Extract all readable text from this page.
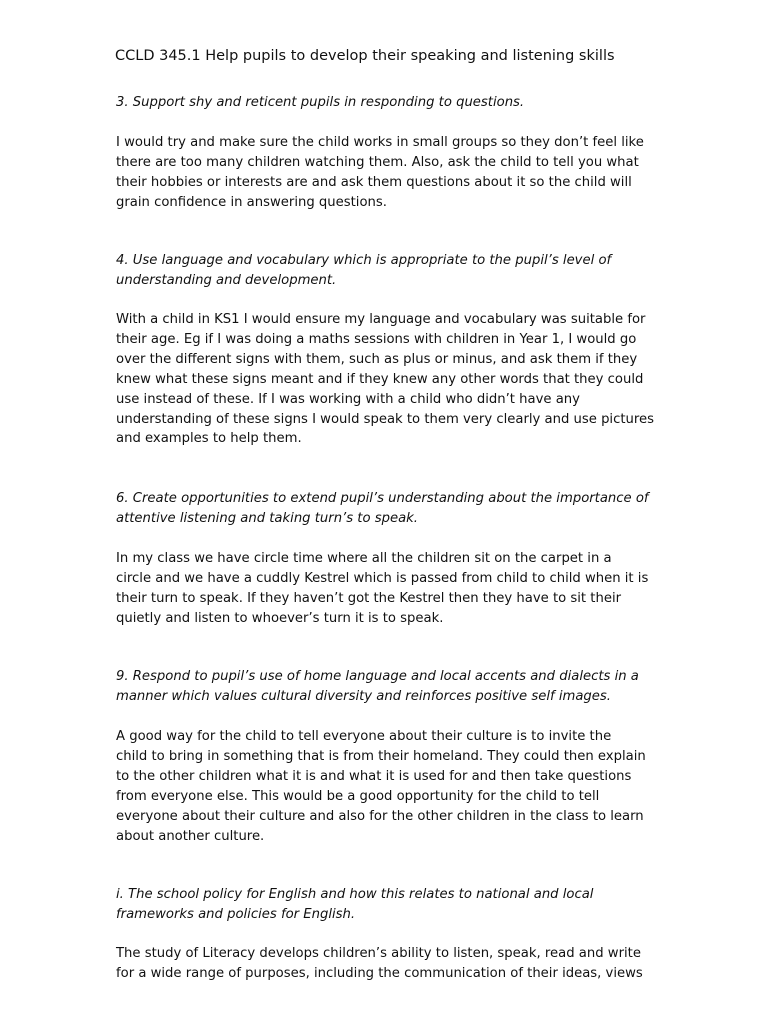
CCLD 345.1 Help pupils to develop their speaking and listening skills
3. Support shy and reticent pupils in responding to questions.
I would try and make sure the child works in small groups so they don’t feel like
there are too many children watching them. Also, ask the child to tell you what
their hobbies or interests are and ask them questions about it so the child will
grain confidence in answering questions.
4. Use language and vocabulary which is appropriate to the pupil’s level of
understanding and development.
With a child in KS1 I would ensure my language and vocabulary was suitable for
their age. Eg if I was doing a maths sessions with children in Year 1, I would go
over the different signs with them, such as plus or minus, and ask them if they
knew what these signs meant and if they knew any other words that they could
use instead of these. If I was working with a child who didn’t have any
understanding of these signs I would speak to them very clearly and use pictures
and examples to help them.
6. Create opportunities to extend pupil’s understanding about the importance of
attentive listening and taking turn’s to speak.
In my class we have circle time where all the children sit on the carpet in a
circle and we have a cuddly Kestrel which is passed from child to child when it is
their turn to speak. If they haven’t got the Kestrel then they have to sit their
quietly and listen to whoever’s turn it is to speak.
9. Respond to pupil’s use of home language and local accents and dialects in a
manner which values cultural diversity and reinforces positive self images.
A good way for the child to tell everyone about their culture is to invite the
child to bring in something that is from their homeland. They could then explain
to the other children what it is and what it is used for and then take questions
from everyone else. This would be a good opportunity for the child to tell
everyone about their culture and also for the other children in the class to learn
about another culture.
i. The school policy for English and how this relates to national and local
frameworks and policies for English.
The study of Literacy develops children’s ability to listen, speak, read and write
for a wide range of purposes, including the communication of their ideas, views
